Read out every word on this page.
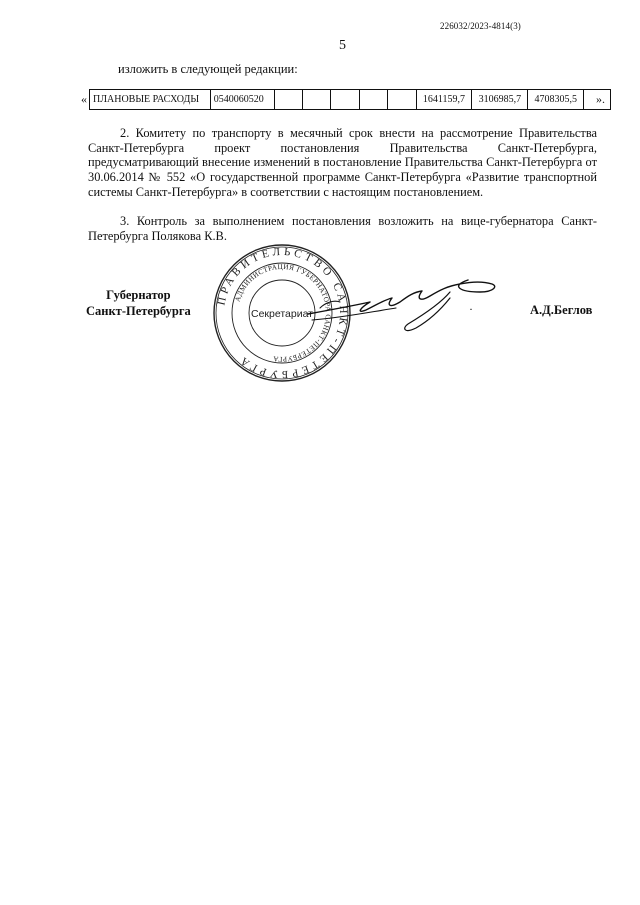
226032/2023-4814(3)
5
изложить в следующей редакции:
« ПЛАНОВЫЕ РАСХОДЫ	0540060520						1641159,7	3106985,7	4708305,5	».
2. Комитету по транспорту в месячный срок внести на рассмотрение Правительства Санкт-Петербурга проект постановления Правительства Санкт-Петербурга, предусматривающий внесение изменений в постановление Правительства Санкт-Петербурга от 30.06.2014 № 552 «О государственной программе Санкт-Петербурга «Развитие транспортной системы Санкт-Петербурга» в соответствии с настоящим постановлением.
3. Контроль за выполнением постановления возложить на вице-губернатора Санкт-Петербурга Полякова К.В.
Губернатор
Санкт-Петербурга
ПРАВИТЕЛЬСТВО САНКТ-ПЕТЕРБУРГА
АДМИНИСТРАЦИЯ ГУБЕРНАТОРА САНКТ-ПЕТЕРБУРГА
Секретариат	·	А.Д.Беглов
